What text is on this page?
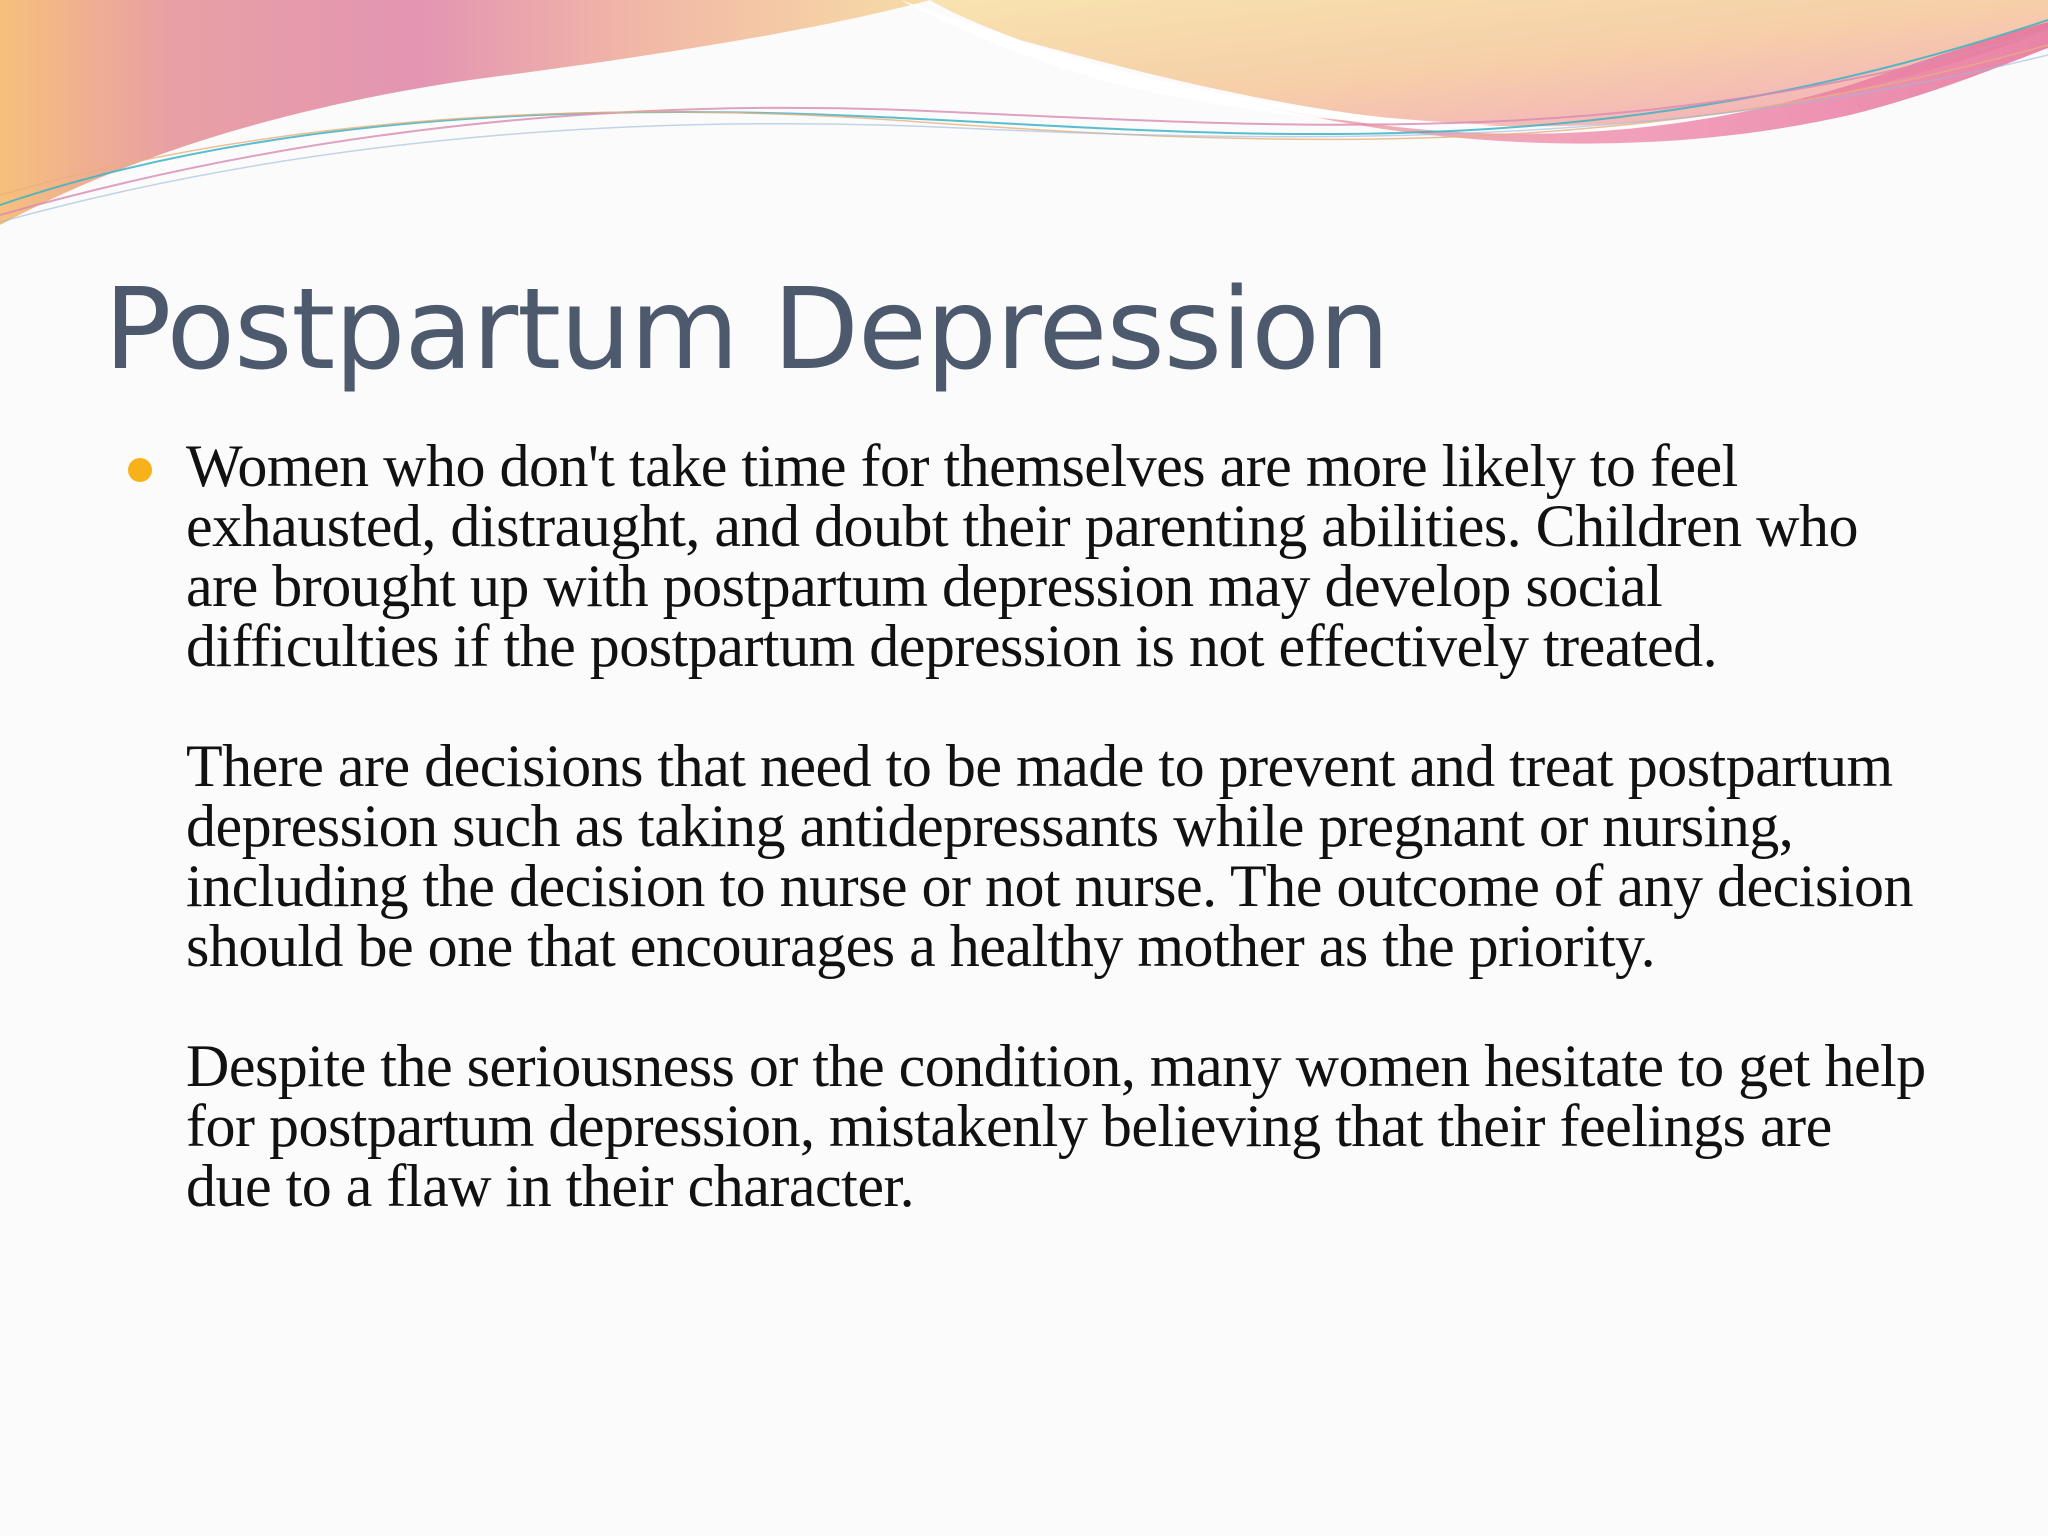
Postpartum Depression

Women who don't take time for themselves are more likely to feel exhausted, distraught, and doubt their parenting abilities. Children who are brought up with postpartum depression may develop social difficulties if the postpartum depression is not effectively treated.

There are decisions that need to be made to prevent and treat postpartum depression such as taking antidepressants while pregnant or nursing, including the decision to nurse or not nurse. The outcome of any decision should be one that encourages a healthy mother as the priority.

Despite the seriousness or the condition, many women hesitate to get help for postpartum depression, mistakenly believing that their feelings are due to a flaw in their character.
